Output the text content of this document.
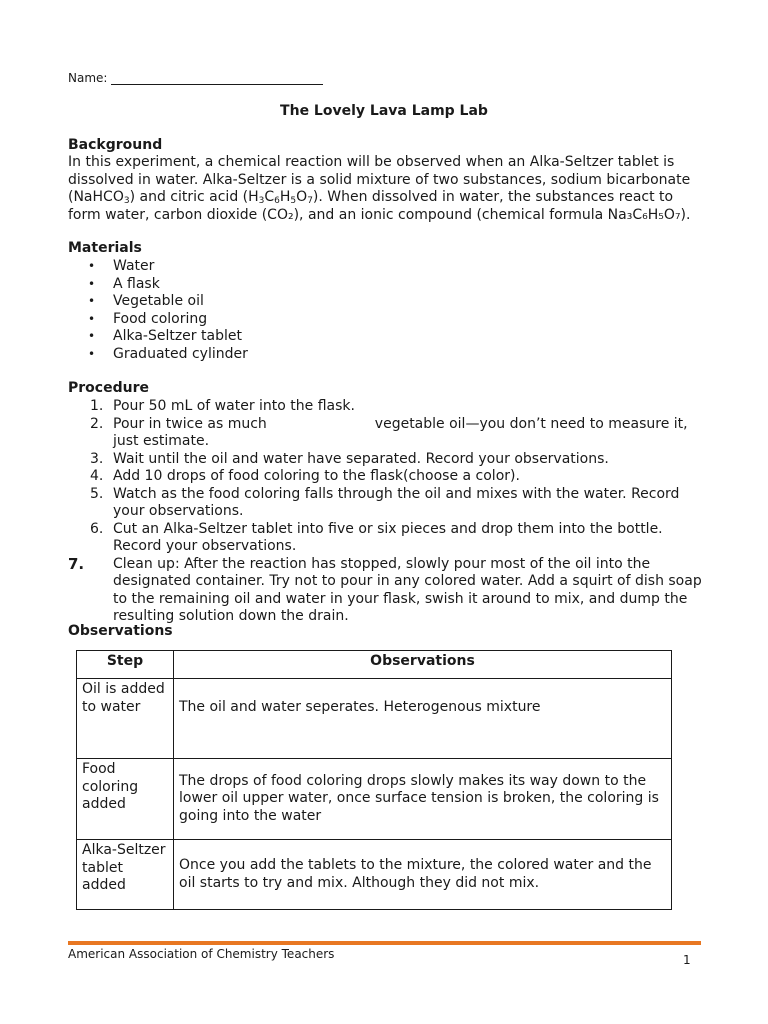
Name:
The Lovely Lava Lamp Lab
Background
In this experiment, a chemical reaction will be observed when an Alka-Seltzer tablet is dissolved in water. Alka-Seltzer is a solid mixture of two substances, sodium bicarbonate (NaHCO$_3$) and citric acid $(H_3C_6H_5O_7)$. When dissolved in water, the substances react to form water, carbon dioxide (CO₂), and an ionic compound (chemical formula Na₃C₆H₅O₇).
Materials
• Water
• A flask
• Vegetable oil
• Food coloring
• Alka-Seltzer tablet
• Graduated cylinder
Procedure
1. Pour 50 mL of water into the flask.
2. Pour in twice as much	vegetable oil—you don’t need to measure it, just estimate.
3. Wait until the oil and water have separated. Record your observations.
4. Add 10 drops of food coloring to the flask(choose a color).
5. Watch as the food coloring falls through the oil and mixes with the water. Record your observations.
6. Cut an Alka-Seltzer tablet into five or six pieces and drop them into the bottle. Record your observations.
7. Clean up: After the reaction has stopped, slowly pour most of the oil into the designated container. Try not to pour in any colored water. Add a squirt of dish soap to the remaining oil and water in your flask, swish it around to mix, and dump the resulting solution down the drain.
Observations
Step	Observations
Oil is added to water	The oil and water seperates. Heterogenous mixture
Food coloring added	The drops of food coloring drops slowly makes its way down to the lower oil upper water, once surface tension is broken, the coloring is going into the water
Alka-Seltzer tablet added	Once you add the tablets to the mixture, the colored water and the oil starts to try and mix. Although they did not mix.
American Association of Chemistry Teachers	1
